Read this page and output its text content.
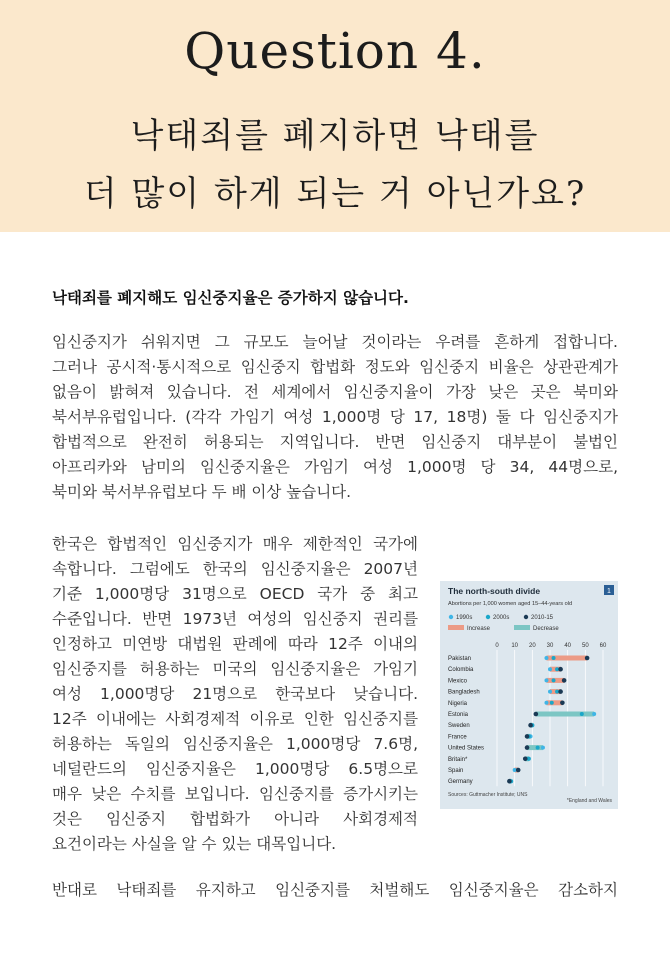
Question 4.
낙태죄를 폐지하면 낙태를
더 많이 하게 되는 거 아닌가요?
낙태죄를 폐지해도 임신중지율은 증가하지 않습니다.
임신중지가 쉬워지면 그 규모도 늘어날 것이라는 우려를 흔하게 접합니다.
그러나 공시적·통시적으로 임신중지 합법화 정도와 임신중지 비율은 상관관계가
없음이 밝혀져 있습니다. 전 세계에서 임신중지율이 가장 낮은 곳은 북미와
북서부유럽입니다. (각각 가임기 여성 1,000명 당 17, 18명) 둘 다 임신중지가
합법적으로 완전히 허용되는 지역입니다. 반면 임신중지 대부분이 불법인
아프리카와 남미의 임신중지율은 가임기 여성 1,000명 당 34, 44명으로,
북미와 북서부유럽보다 두 배 이상 높습니다.
한국은 합법적인 임신중지가 매우 제한적인 국가에
속합니다. 그럼에도 한국의 임신중지율은 2007년
기준 1,000명당 31명으로 OECD 국가 중 최고
수준입니다. 반면 1973년 여성의 임신중지 권리를
인정하고 미연방 대법원 판례에 따라 12주 이내의
임신중지를 허용하는 미국의 임신중지율은 가임기
여성 1,000명당 21명으로 한국보다 낮습니다.
12주 이내에는 사회경제적 이유로 인한 임신중지를
허용하는 독일의 임신중지율은 1,000명당 7.6명,
네덜란드의 임신중지율은 1,000명당 6.5명으로
매우 낮은 수치를 보입니다. 임신중지를 증가시키는
것은 임신중지 합법화가 아니라 사회경제적
요건이라는 사실을 알 수 있는 대목입니다.
반대로 낙태죄를 유지하고 임신중지를 처벌해도 임신중지율은 감소하지
The north-south divide	1
Abortions per 1,000 women aged 15–44-years old
1990s	2000s	2010-15
Increase	Decrease
0 10 20 30 40 50 60
Pakistan
Colombia
Mexico
Bangladesh
Nigeria
Estonia
Sweden
France
United States
Britain*
Spain
Germany
Sources: Guttmacher Institute; UNS
*England and Wales
